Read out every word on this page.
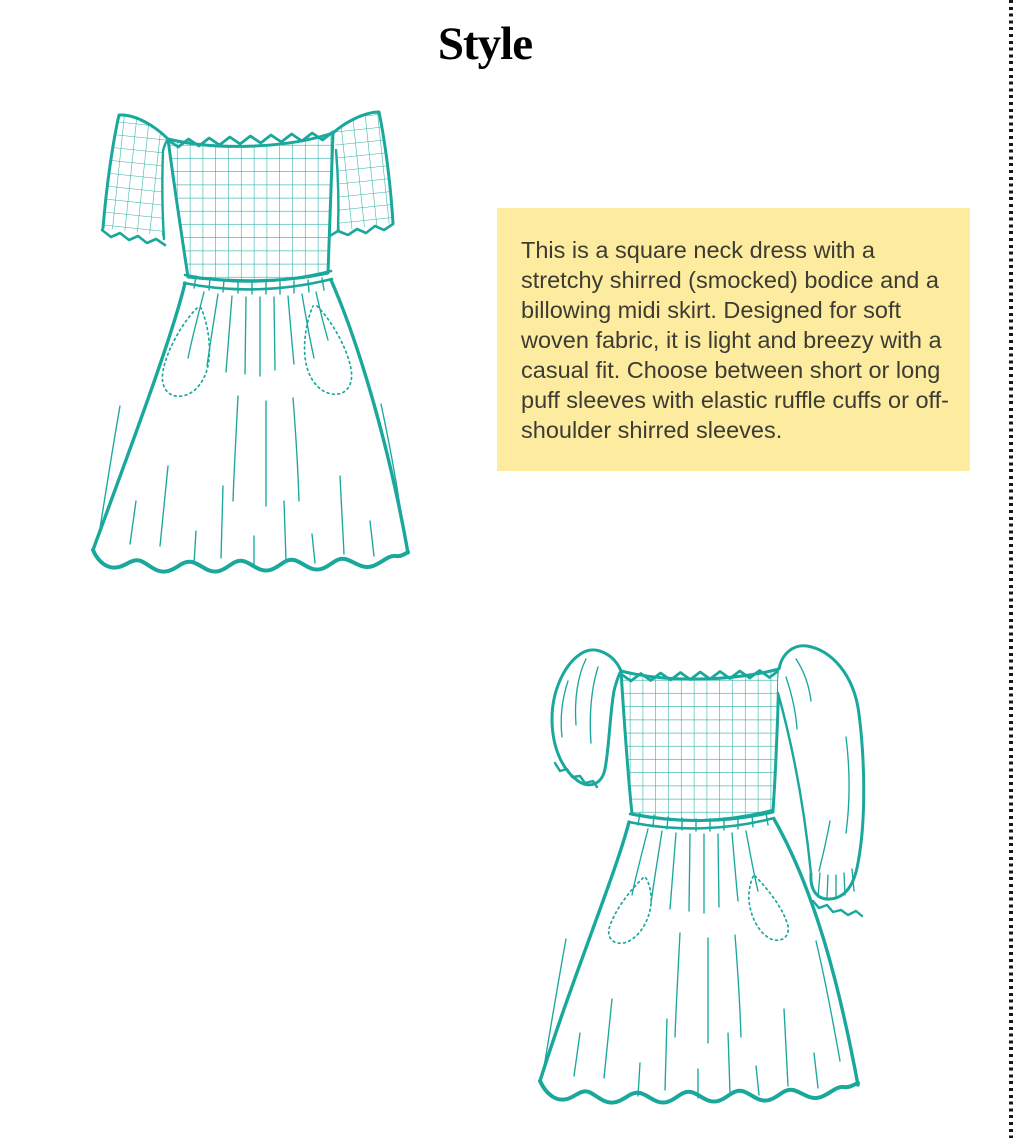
Style

This is a square neck dress with a stretchy shirred (smocked) bodice and a billowing midi skirt. Designed for soft woven fabric, it is light and breezy with a casual fit. Choose between short or long puff sleeves with elastic ruffle cuffs or off-shoulder shirred sleeves.
